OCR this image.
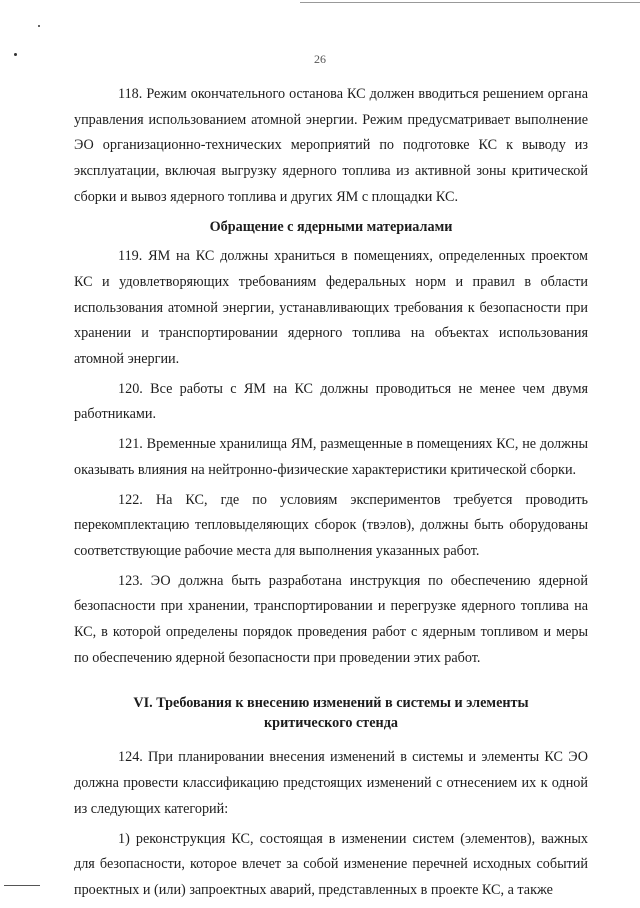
26

118. Режим окончательного останова КС должен вводиться решением органа управления использованием атомной энергии. Режим предусматривает выполнение ЭО организационно-технических мероприятий по подготовке КС к выводу из эксплуатации, включая выгрузку ядерного топлива из активной зоны критической сборки и вывоз ядерного топлива и других ЯМ с площадки КС.

Обращение с ядерными материалами

119. ЯМ на КС должны храниться в помещениях, определенных проектом КС и удовлетворяющих требованиям федеральных норм и правил в области использования атомной энергии, устанавливающих требования к безопасности при хранении и транспортировании ядерного топлива на объектах использования атомной энергии.

120. Все работы с ЯМ на КС должны проводиться не менее чем двумя работниками.

121. Временные хранилища ЯМ, размещенные в помещениях КС, не должны оказывать влияния на нейтронно-физические характеристики критической сборки.

122. На КС, где по условиям экспериментов требуется проводить перекомплектацию тепловыделяющих сборок (твэлов), должны быть оборудованы соответствующие рабочие места для выполнения указанных работ.

123. ЭО должна быть разработана инструкция по обеспечению ядерной безопасности при хранении, транспортировании и перегрузке ядерного топлива на КС, в которой определены порядок проведения работ с ядерным топливом и меры по обеспечению ядерной безопасности при проведении этих работ.

VI. Требования к внесению изменений в системы и элементы
критического стенда

124. При планировании внесения изменений в системы и элементы КС ЭО должна провести классификацию предстоящих изменений с отнесением их к одной из следующих категорий:

1) реконструкция КС, состоящая в изменении систем (элементов), важных для безопасности, которое влечет за собой изменение перечней исходных событий проектных и (или) запроектных аварий, представленных в проекте КС, а также
